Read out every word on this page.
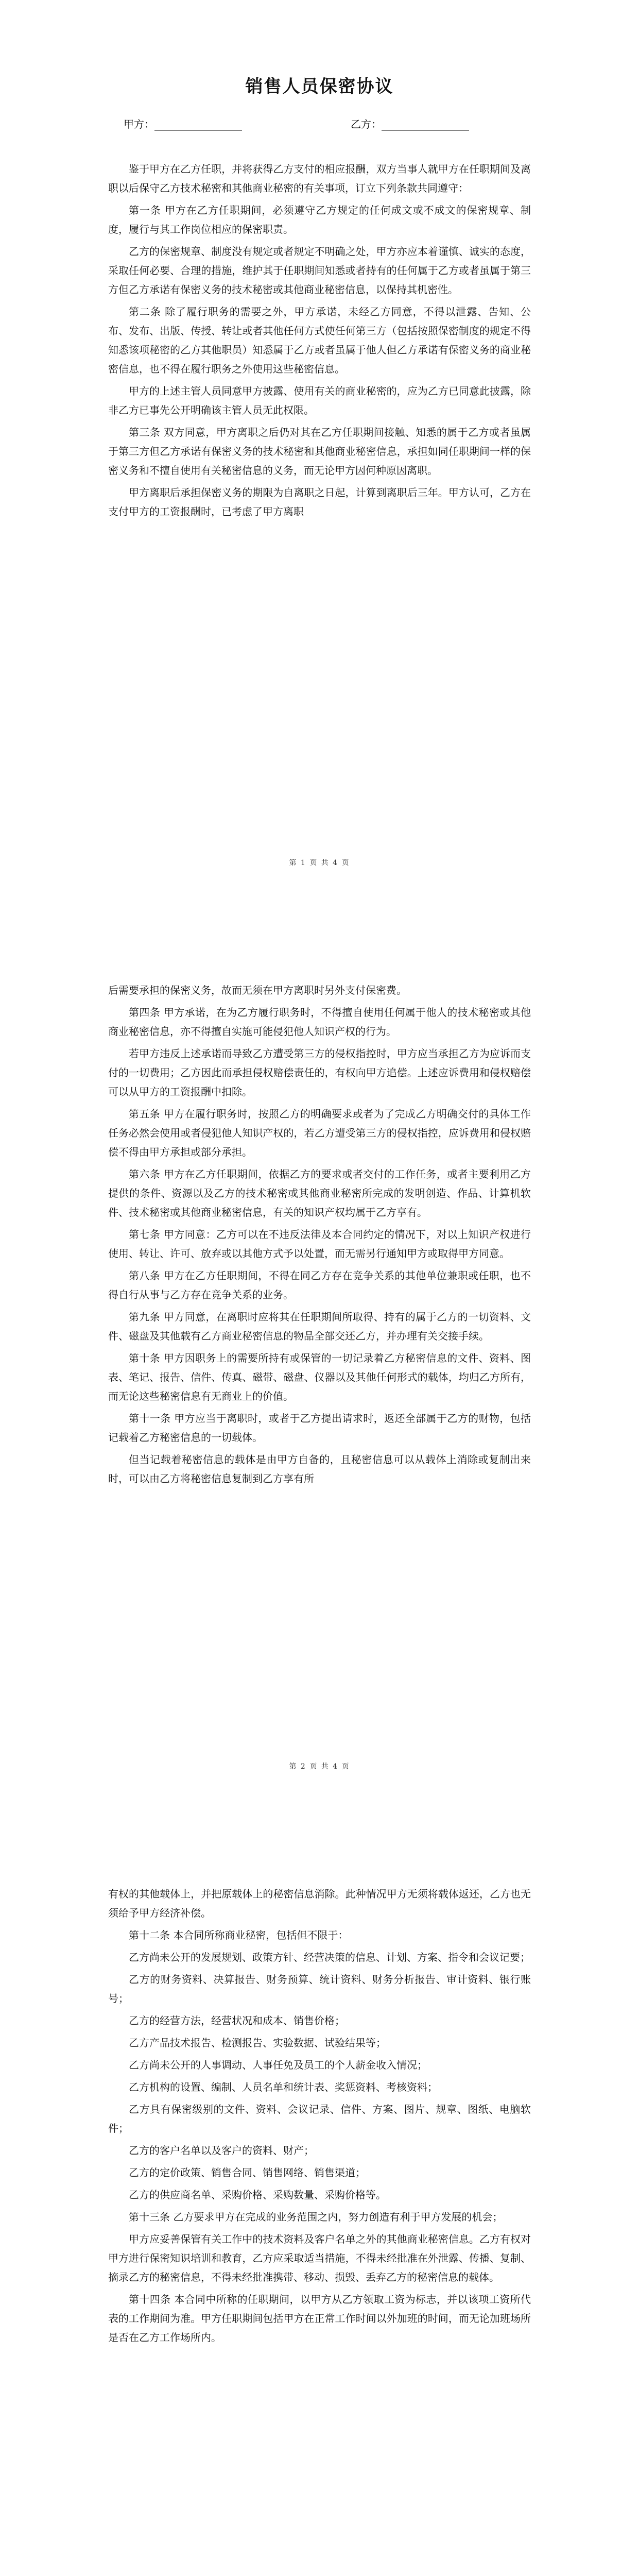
销售人员保密协议
甲方：	乙方：

鉴于甲方在乙方任职，并将获得乙方支付的相应报酬，双方当事人就甲方在任职期间及离职以后保守乙方技术秘密和其他商业秘密的有关事项，订立下列条款共同遵守：

第一条 甲方在乙方任职期间，必须遵守乙方规定的任何成文或不成文的保密规章、制度，履行与其工作岗位相应的保密职责。

乙方的保密规章、制度没有规定或者规定不明确之处，甲方亦应本着谨慎、诚实的态度，采取任何必要、合理的措施，维护其于任职期间知悉或者持有的任何属于乙方或者虽属于第三方但乙方承诺有保密义务的技术秘密或其他商业秘密信息，以保持其机密性。

第二条 除了履行职务的需要之外，甲方承诺，未经乙方同意，不得以泄露、告知、公布、发布、出版、传授、转让或者其他任何方式使任何第三方（包括按照保密制度的规定不得知悉该项秘密的乙方其他职员）知悉属于乙方或者虽属于他人但乙方承诺有保密义务的商业秘密信息，也不得在履行职务之外使用这些秘密信息。

甲方的上述主管人员同意甲方披露、使用有关的商业秘密的，应为乙方已同意此披露，除非乙方已事先公开明确该主管人员无此权限。

第三条 双方同意，甲方离职之后仍对其在乙方任职期间接触、知悉的属于乙方或者虽属于第三方但乙方承诺有保密义务的技术秘密和其他商业秘密信息，承担如同任职期间一样的保密义务和不擅自使用有关秘密信息的义务，而无论甲方因何种原因离职。

甲方离职后承担保密义务的期限为自离职之日起，计算到离职后三年。甲方认可，乙方在支付甲方的工资报酬时，已考虑了甲方离职

第 1 页 共 4 页

后需要承担的保密义务，故而无须在甲方离职时另外支付保密费。

第四条 甲方承诺，在为乙方履行职务时，不得擅自使用任何属于他人的技术秘密或其他商业秘密信息，亦不得擅自实施可能侵犯他人知识产权的行为。

若甲方违反上述承诺而导致乙方遭受第三方的侵权指控时，甲方应当承担乙方为应诉而支付的一切费用；乙方因此而承担侵权赔偿责任的，有权向甲方追偿。上述应诉费用和侵权赔偿可以从甲方的工资报酬中扣除。

第五条 甲方在履行职务时，按照乙方的明确要求或者为了完成乙方明确交付的具体工作任务必然会使用或者侵犯他人知识产权的，若乙方遭受第三方的侵权指控，应诉费用和侵权赔偿不得由甲方承担或部分承担。

第六条 甲方在乙方任职期间，依据乙方的要求或者交付的工作任务，或者主要利用乙方提供的条件、资源以及乙方的技术秘密或其他商业秘密所完成的发明创造、作品、计算机软件、技术秘密或其他商业秘密信息，有关的知识产权均属于乙方享有。

第七条 甲方同意：乙方可以在不违反法律及本合同约定的情况下，对以上知识产权进行使用、转让、许可、放弃或以其他方式予以处置，而无需另行通知甲方或取得甲方同意。

第八条 甲方在乙方任职期间，不得在同乙方存在竞争关系的其他单位兼职或任职，也不得自行从事与乙方存在竞争关系的业务。

第九条 甲方同意，在离职时应将其在任职期间所取得、持有的属于乙方的一切资料、文件、磁盘及其他载有乙方商业秘密信息的物品全部交还乙方，并办理有关交接手续。

第十条 甲方因职务上的需要所持有或保管的一切记录着乙方秘密信息的文件、资料、图表、笔记、报告、信件、传真、磁带、磁盘、仪器以及其他任何形式的载体，均归乙方所有，而无论这些秘密信息有无商业上的价值。

第十一条 甲方应当于离职时，或者于乙方提出请求时，返还全部属于乙方的财物，包括记载着乙方秘密信息的一切载体。

但当记载着秘密信息的载体是由甲方自备的，且秘密信息可以从载体上消除或复制出来时，可以由乙方将秘密信息复制到乙方享有所

第 2 页 共 4 页

有权的其他载体上，并把原载体上的秘密信息消除。此种情况甲方无须将载体返还，乙方也无须给予甲方经济补偿。

第十二条 本合同所称商业秘密，包括但不限于：

乙方尚未公开的发展规划、政策方针、经营决策的信息、计划、方案、指令和会议记要；

乙方的财务资料、决算报告、财务预算、统计资料、财务分析报告、审计资料、银行账号；

乙方的经营方法，经营状况和成本、销售价格；

乙方产品技术报告、检测报告、实验数据、试验结果等；

乙方尚未公开的人事调动、人事任免及员工的个人薪金收入情况；

乙方机构的设置、编制、人员名单和统计表、奖惩资料、考核资料；

乙方具有保密级别的文件、资料、会议记录、信件、方案、图片、规章、图纸、电脑软件；

乙方的客户名单以及客户的资料、财产；

乙方的定价政策、销售合同、销售网络、销售渠道；

乙方的供应商名单、采购价格、采购数量、采购价格等。

第十三条 乙方要求甲方在完成的业务范围之内，努力创造有利于甲方发展的机会；

甲方应妥善保管有关工作中的技术资料及客户名单之外的其他商业秘密信息。乙方有权对甲方进行保密知识培训和教育，乙方应采取适当措施，不得未经批准在外泄露、传播、复制、摘录乙方的秘密信息，不得未经批准携带、移动、损毁、丢弃乙方的秘密信息的载体。

第十四条 本合同中所称的任职期间，以甲方从乙方领取工资为标志，并以该项工资所代表的工作期间为准。甲方任职期间包括甲方在正常工作时间以外加班的时间，而无论加班场所是否在乙方工作场所内。
